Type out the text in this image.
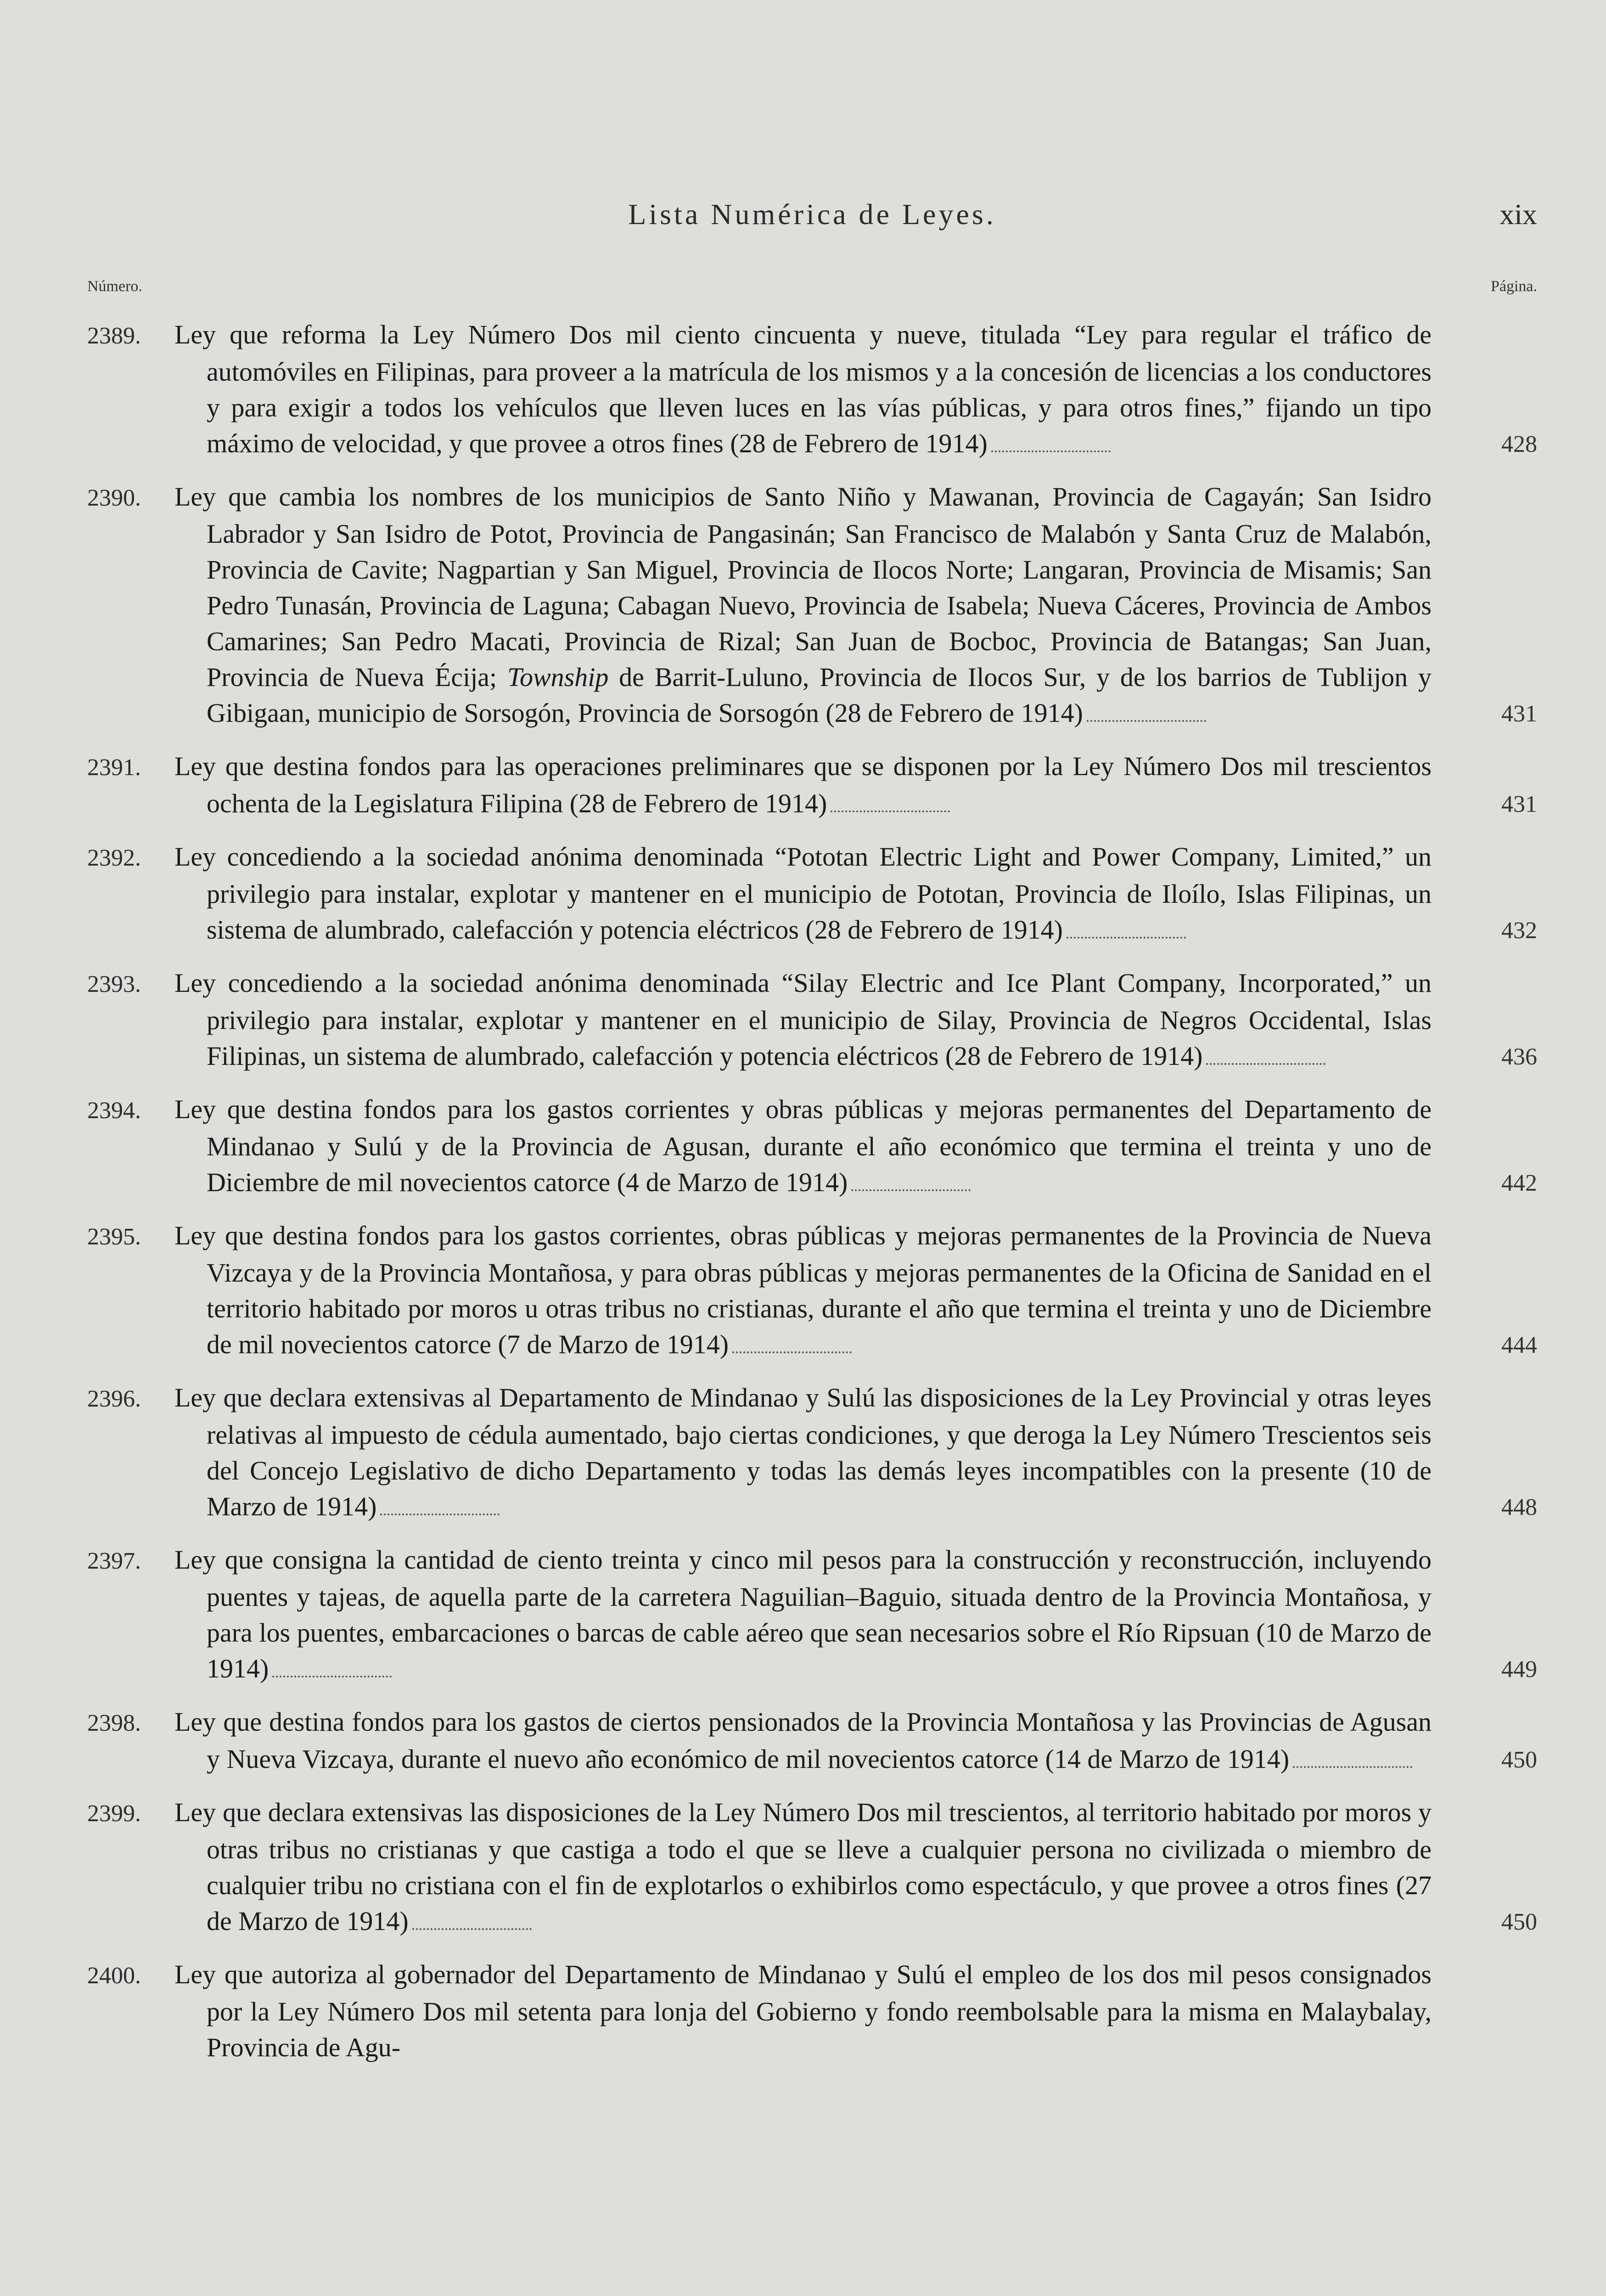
Lista Numérica de Leyes.	xix
Número.	Página.
2389. Ley que reforma la Ley Número Dos mil ciento cincuenta y nueve, titulada “Ley para regular el tráfico de automóviles en Filipinas, para proveer a la matrícula de los mismos y a la concesión de licencias a los conductores y para exigir a todos los vehículos que lleven luces en las vías públicas, y para otros fines,” fijando un tipo máximo de velocidad, y que provee a otros fines (28 de Febrero de 1914)	428
2390. Ley que cambia los nombres de los municipios de Santo Niño y Mawanan, Provincia de Cagayán; San Isidro Labrador y San Isidro de Potot, Provincia de Pangasinán; San Francisco de Malabón y Santa Cruz de Malabón, Provincia de Cavite; Nagpartian y San Miguel, Provincia de Ilocos Norte; Langaran, Provincia de Misamis; San Pedro Tunasán, Provincia de Laguna; Cabagan Nuevo, Provincia de Isabela; Nueva Cáceres, Provincia de Ambos Camarines; San Pedro Macati, Provincia de Rizal; San Juan de Bocboc, Provincia de Batangas; San Juan, Provincia de Nueva Écija; Township de Barrit-Luluno, Provincia de Ilocos Sur, y de los barrios de Tublijon y Gibigaan, municipio de Sorsogón, Provincia de Sorsogón (28 de Febrero de 1914)	431
2391. Ley que destina fondos para las operaciones preliminares que se disponen por la Ley Número Dos mil trescientos ochenta de la Legislatura Filipina (28 de Febrero de 1914)	431
2392. Ley concediendo a la sociedad anónima denominada “Pototan Electric Light and Power Company, Limited,” un privilegio para instalar, explotar y mantener en el municipio de Pototan, Provincia de Iloílo, Islas Filipinas, un sistema de alumbrado, calefacción y potencia eléctricos (28 de Febrero de 1914)	432
2393. Ley concediendo a la sociedad anónima denominada “Silay Electric and Ice Plant Company, Incorporated,” un privilegio para instalar, explotar y mantener en el municipio de Silay, Provincia de Negros Occidental, Islas Filipinas, un sistema de alumbrado, calefacción y potencia eléctricos (28 de Febrero de 1914)	436
2394. Ley que destina fondos para los gastos corrientes y obras públicas y mejoras permanentes del Departamento de Mindanao y Sulú y de la Provincia de Agusan, durante el año económico que termina el treinta y uno de Diciembre de mil novecientos catorce (4 de Marzo de 1914)	442
2395. Ley que destina fondos para los gastos corrientes, obras públicas y mejoras permanentes de la Provincia de Nueva Vizcaya y de la Provincia Montañosa, y para obras públicas y mejoras permanentes de la Oficina de Sanidad en el territorio habitado por moros u otras tribus no cristianas, durante el año que termina el treinta y uno de Diciembre de mil novecientos catorce (7 de Marzo de 1914)	444
2396. Ley que declara extensivas al Departamento de Mindanao y Sulú las disposiciones de la Ley Provincial y otras leyes relativas al impuesto de cédula aumentado, bajo ciertas condiciones, y que deroga la Ley Número Trescientos seis del Concejo Legislativo de dicho Departamento y todas las demás leyes incompatibles con la presente (10 de Marzo de 1914)	448
2397. Ley que consigna la cantidad de ciento treinta y cinco mil pesos para la construcción y reconstrucción, incluyendo puentes y tajeas, de aquella parte de la carretera Naguilian–Baguio, situada dentro de la Provincia Montañosa, y para los puentes, embarcaciones o barcas de cable aéreo que sean necesarios sobre el Río Ripsuan (10 de Marzo de 1914)	449
2398. Ley que destina fondos para los gastos de ciertos pensionados de la Provincia Montañosa y las Provincias de Agusan y Nueva Vizcaya, durante el nuevo año económico de mil novecientos catorce (14 de Marzo de 1914)	450
2399. Ley que declara extensivas las disposiciones de la Ley Número Dos mil trescientos, al territorio habitado por moros y otras tribus no cristianas y que castiga a todo el que se lleve a cualquier persona no civilizada o miembro de cualquier tribu no cristiana con el fin de explotarlos o exhibirlos como espectáculo, y que provee a otros fines (27 de Marzo de 1914)	450
2400. Ley que autoriza al gobernador del Departamento de Mindanao y Sulú el empleo de los dos mil pesos consignados por la Ley Número Dos mil setenta para lonja del Gobierno y fondo reembolsable para la misma en Malaybalay, Provincia de Agu-
